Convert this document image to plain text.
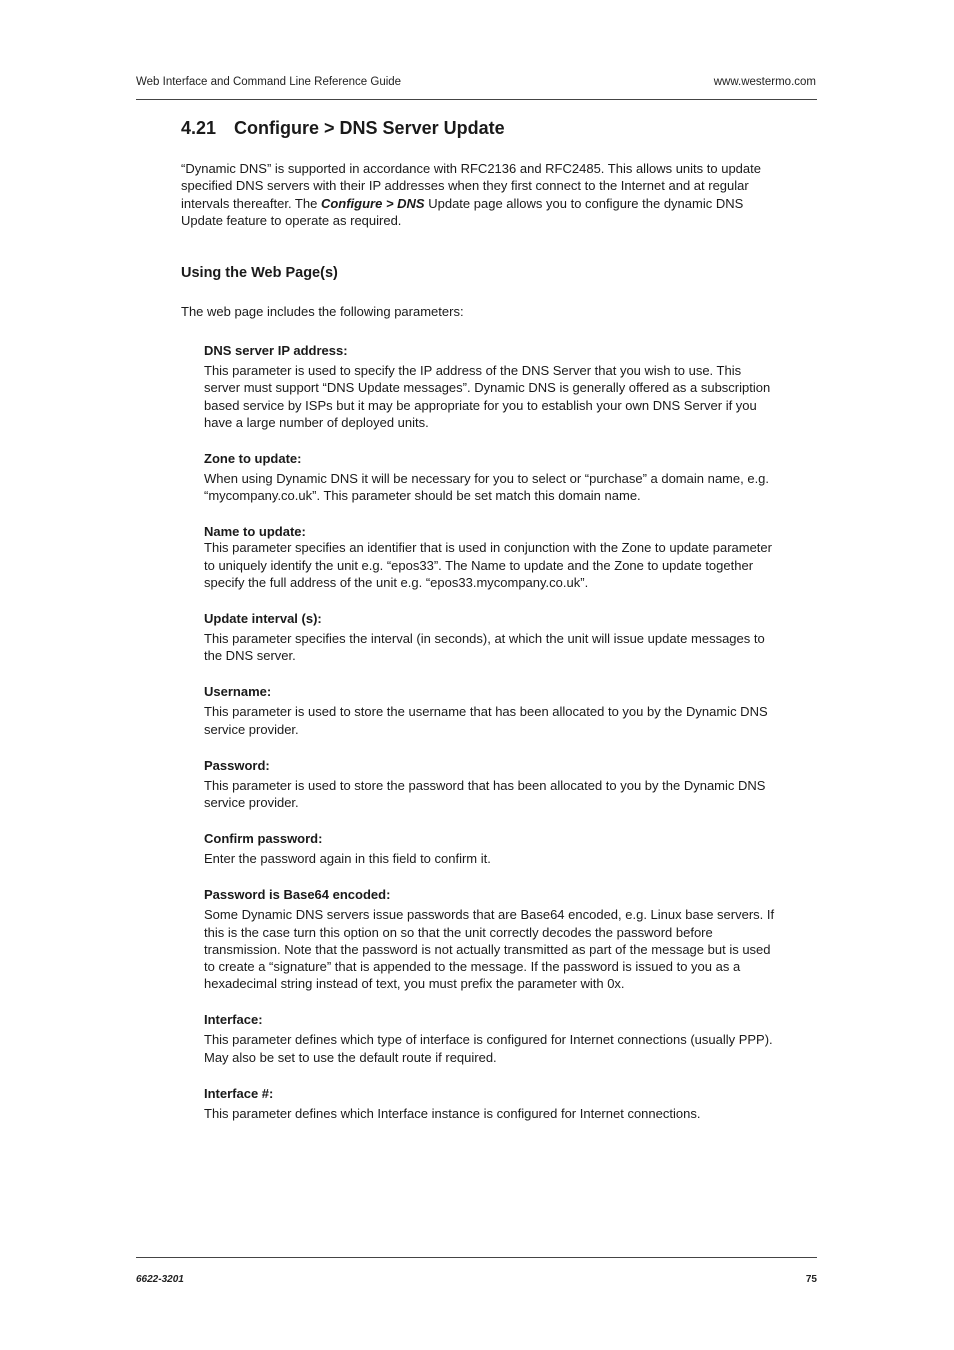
Web Interface and Command Line Reference Guide	www.westermo.com
4.21 Configure > DNS Server Update

“Dynamic DNS” is supported in accordance with RFC2136 and RFC2485. This allows units to update specified DNS servers with their IP addresses when they first connect to the Internet and at regular intervals thereafter. The Configure > DNS Update page allows you to configure the dynamic DNS Update feature to operate as required.

Using the Web Page(s)
The web page includes the following parameters:
DNS server IP address:
This parameter is used to specify the IP address of the DNS Server that you wish to use. This server must support “DNS Update messages”. Dynamic DNS is generally offered as a subscription based service by ISPs but it may be appropriate for you to establish your own DNS Server if you have a large number of deployed units.
Zone to update:
When using Dynamic DNS it will be necessary for you to select or “purchase” a domain name, e.g. “mycompany.co.uk”. This parameter should be set match this domain name.
Name to update:
This parameter specifies an identifier that is used in conjunction with the Zone to update parameter to uniquely identify the unit e.g. “epos33”. The Name to update and the Zone to update together specify the full address of the unit e.g. “epos33.mycompany.co.uk”.
Update interval (s):
This parameter specifies the interval (in seconds), at which the unit will issue update messages to the DNS server.
Username:
This parameter is used to store the username that has been allocated to you by the Dynamic DNS service provider.
Password:
This parameter is used to store the password that has been allocated to you by the Dynamic DNS service provider.
Confirm password:
Enter the password again in this field to confirm it.
Password is Base64 encoded:
Some Dynamic DNS servers issue passwords that are Base64 encoded, e.g. Linux base servers. If this is the case turn this option on so that the unit correctly decodes the password before transmission. Note that the password is not actually transmitted as part of the message but is used to create a “signature” that is appended to the message. If the password is issued to you as a hexadecimal string instead of text, you must prefix the parameter with 0x.
Interface:
This parameter defines which type of interface is configured for Internet connections (usually PPP). May also be set to use the default route if required.
Interface #:
This parameter defines which Interface instance is configured for Internet connections.
6622-3201	75
